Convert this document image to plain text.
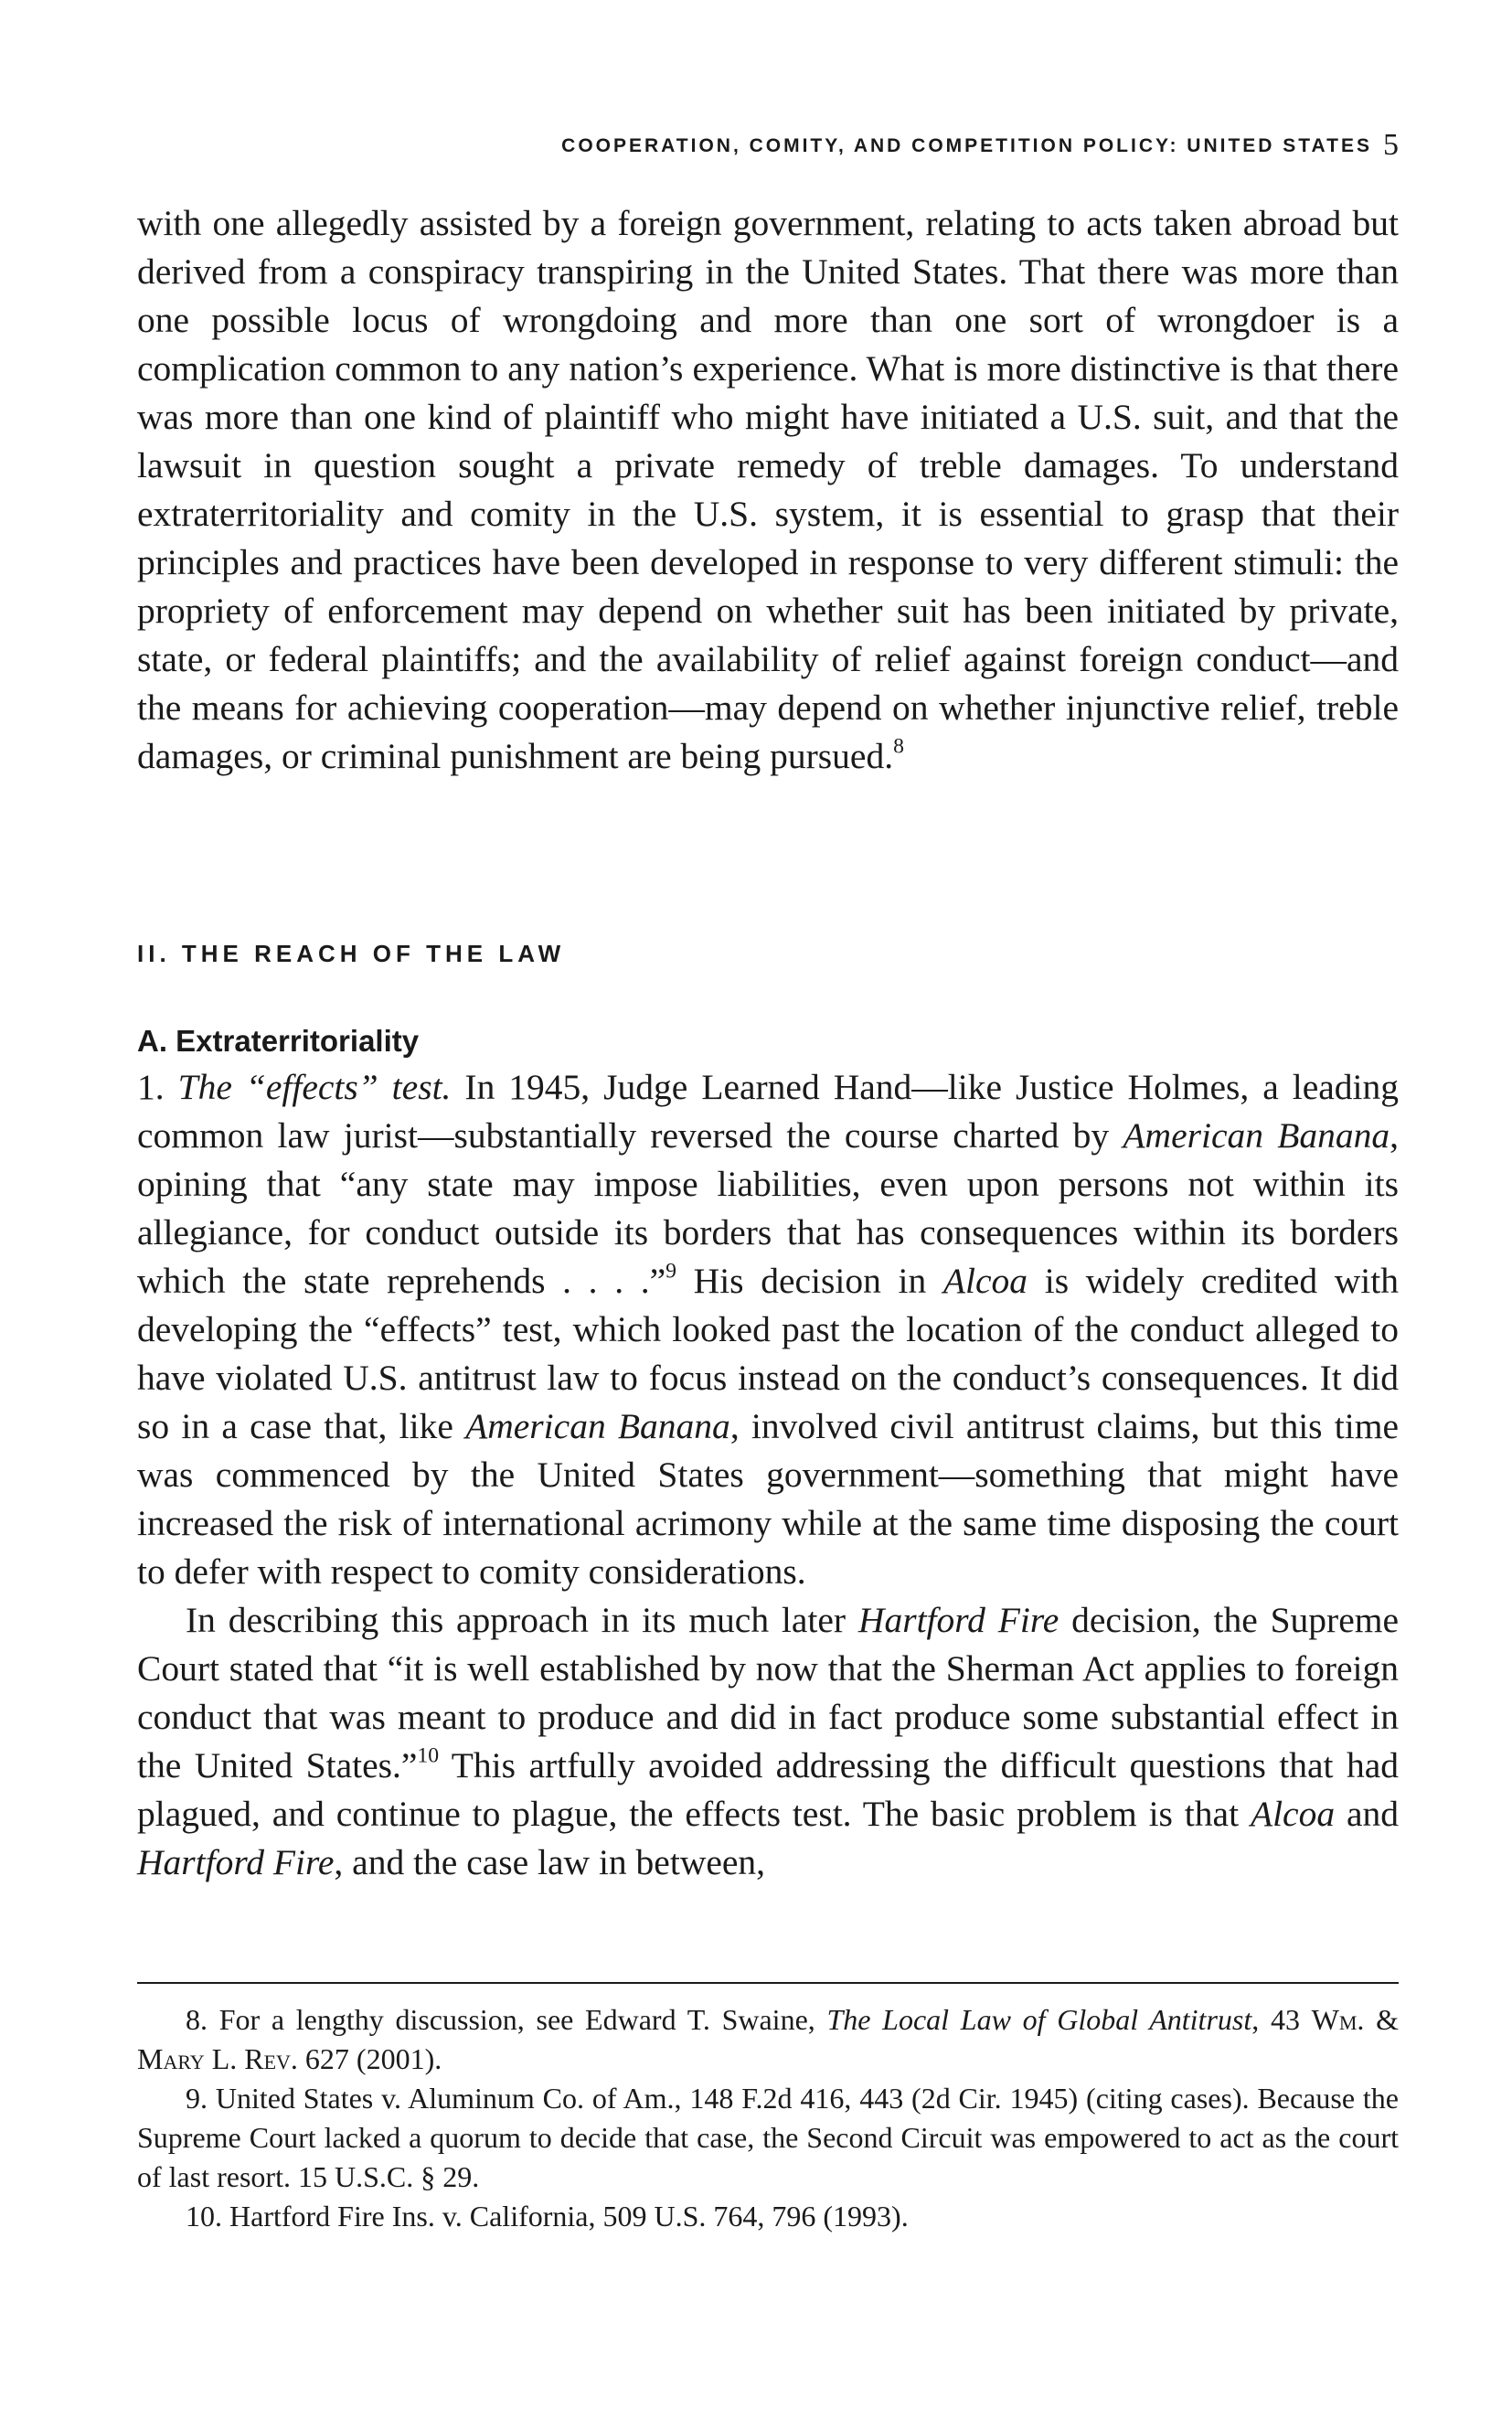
COOPERATION, COMITY, AND COMPETITION POLICY: UNITED STATES 5

with one allegedly assisted by a foreign government, relating to acts taken abroad but derived from a conspiracy transpiring in the United States. That there was more than one possible locus of wrongdoing and more than one sort of wrongdoer is a complication common to any nation’s experience. What is more distinctive is that there was more than one kind of plaintiff who might have initiated a U.S. suit, and that the lawsuit in question sought a private remedy of treble damages. To understand extraterritoriality and comity in the U.S. system, it is essential to grasp that their principles and practices have been developed in response to very different stimuli: the propriety of enforcement may depend on whether suit has been initiated by private, state, or federal plaintiffs; and the availability of relief against foreign conduct—and the means for achieving cooperation—may depend on whether injunctive relief, treble damages, or criminal punishment are being pursued.$^8$

II. THE REACH OF THE LAW
A. Extraterritoriality

1. The “effects” test. In 1945, Judge Learned Hand—like Justice Holmes, a leading common law jurist—substantially reversed the course charted by American Banana, opining that “any state may impose liabilities, even upon persons not within its allegiance, for conduct outside its borders that has consequences within its borders which the state reprehends . . . .”$^9$ His decision in Alcoa is widely credited with developing the “effects” test, which looked past the location of the conduct alleged to have violated U.S. antitrust law to focus instead on the conduct’s consequences. It did so in a case that, like American Banana, involved civil antitrust claims, but this time was commenced by the United States government—something that might have increased the risk of international acrimony while at the same time disposing the court to defer with respect to comity considerations.

In describing this approach in its much later Hartford Fire decision, the Supreme Court stated that “it is well established by now that the Sherman Act applies to foreign conduct that was meant to produce and did in fact produce some substantial effect in the United States.”$^{10}$ This artfully avoided addressing the difficult questions that had plagued, and continue to plague, the effects test. The basic problem is that Alcoa and Hartford Fire, and the case law in between,

8. For a lengthy discussion, see Edward T. Swaine, The Local Law of Global Antitrust, 43 Wm. & Mary L. Rev. 627 (2001).

9. United States v. Aluminum Co. of Am., 148 F.2d 416, 443 (2d Cir. 1945) (citing cases). Because the Supreme Court lacked a quorum to decide that case, the Second Circuit was empowered to act as the court of last resort. 15 U.S.C. § 29.

10. Hartford Fire Ins. v. California, 509 U.S. 764, 796 (1993).
